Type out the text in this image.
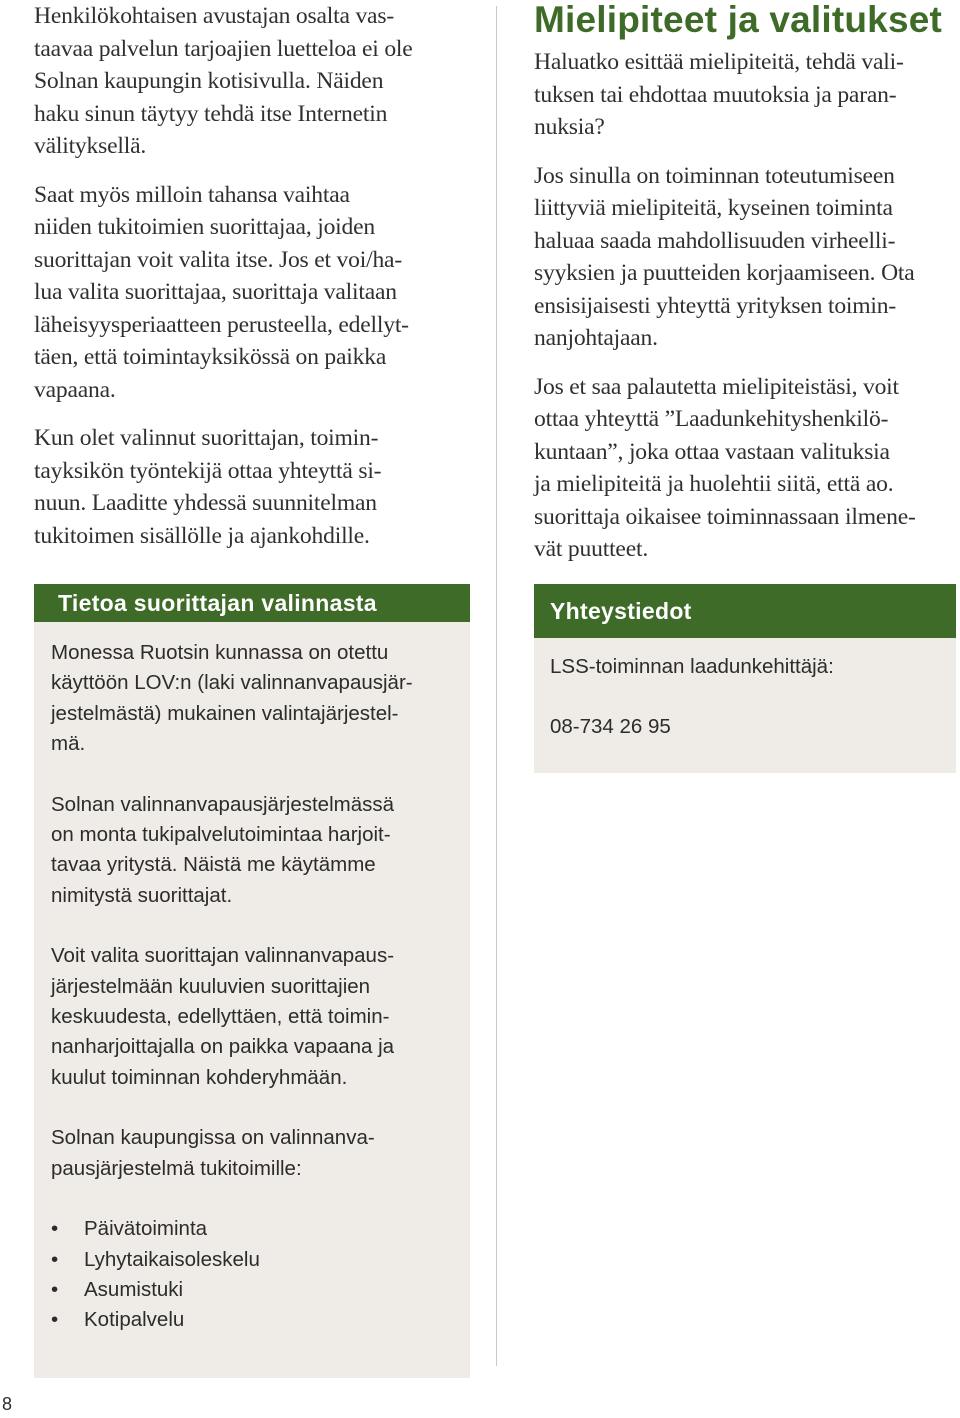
Henkilökohtaisen avustajan osalta vas-
taavaa palvelun tarjoajien luetteloa ei ole
Solnan kaupungin kotisivulla. Näiden
haku sinun täytyy tehdä itse Internetin
välityksellä.

Saat myös milloin tahansa vaihtaa
niiden tukitoimien suorittajaa, joiden
suorittajan voit valita itse. Jos et voi/ha-
lua valita suorittajaa, suorittaja valitaan
läheisyysperiaatteen perusteella, edellyt-
täen, että toimintayksikössä on paikka
vapaana.

Kun olet valinnut suorittajan, toimin-
tayksikön työntekijä ottaa yhteyttä si-
nuun. Laaditte yhdessä suunnitelman
tukitoimen sisällölle ja ajankohdille.

Tietoa suorittajan valinnasta

Monessa Ruotsin kunnassa on otettu
käyttöön LOV:n (laki valinnanvapausjär-
jestelmästä) mukainen valintajärjestel-
mä.

Solnan valinnanvapausjärjestelmässä
on monta tukipalvelutoimintaa harjoit-
tavaa yritystä. Näistä me käytämme
nimitystä suorittajat.

Voit valita suorittajan valinnanvapaus-
järjestelmään kuuluvien suorittajien
keskuudesta, edellyttäen, että toimin-
nanharjoittajalla on paikka vapaana ja
kuulut toiminnan kohderyhmään.

Solnan kaupungissa on valinnanva-
pausjärjestelmä tukitoimille:

• Päivätoiminta
• Lyhytaikaisoleskelu
• Asumistuki
• Kotipalvelu
Mielipiteet ja valitukset

Haluatko esittää mielipiteitä, tehdä vali-
tuksen tai ehdottaa muutoksia ja paran-
nuksia?

Jos sinulla on toiminnan toteutumiseen
liittyviä mielipiteitä, kyseinen toiminta
haluaa saada mahdollisuuden virheelli-
syyksien ja puutteiden korjaamiseen. Ota
ensisijaisesti yhteyttä yrityksen toimin-
nanjohtajaan.

Jos et saa palautetta mielipiteistäsi, voit
ottaa yhteyttä ”Laadunkehityshenkilö-
kuntaan”, joka ottaa vastaan valituksia
ja mielipiteitä ja huolehtii siitä, että ao.
suorittaja oikaisee toiminnassaan ilmene-
vät puutteet.

Yhteystiedot
LSS-toiminnan laadunkehittäjä:
08-734 26 95
8
